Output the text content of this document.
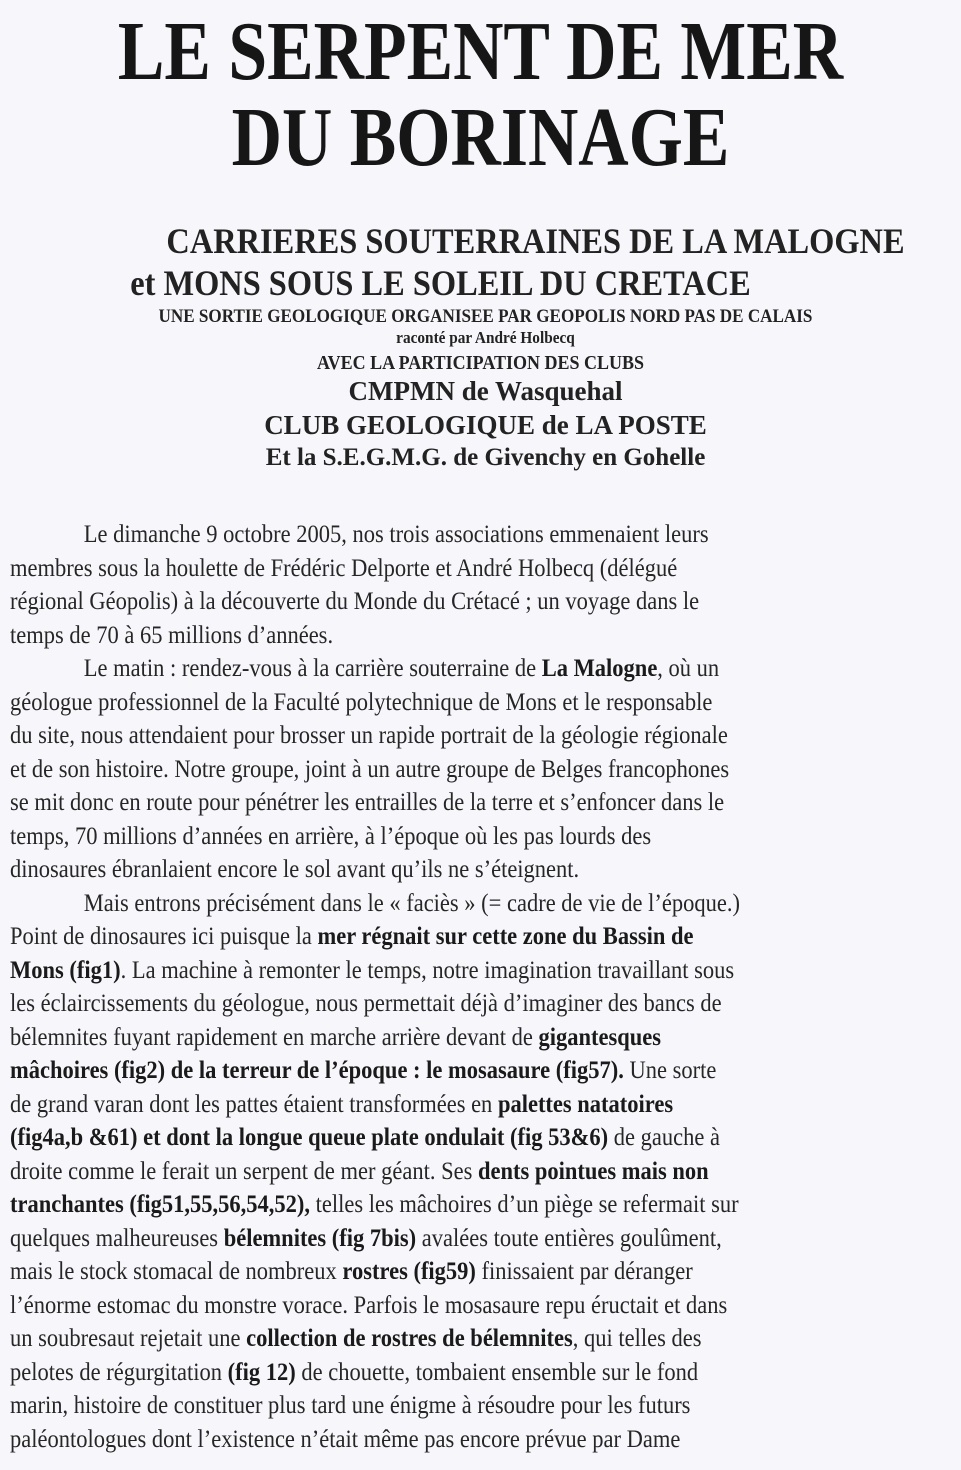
LE SERPENT DE MER
DU BORINAGE
CARRIERES SOUTERRAINES DE LA MALOGNE
et MONS SOUS LE SOLEIL DU CRETACE
UNE SORTIE GEOLOGIQUE ORGANISEE PAR GEOPOLIS NORD PAS DE CALAIS
raconté par André Holbecq
AVEC LA PARTICIPATION DES CLUBS
CMPMN de Wasquehal
CLUB GEOLOGIQUE de LA POSTE
Et la S.E.G.M.G. de Givenchy en Gohelle
Le dimanche 9 octobre 2005, nos trois associations emmenaient leurs
membres sous la houlette de Frédéric Delporte et André Holbecq (délégué
régional Géopolis) à la découverte du Monde du Crétacé ; un voyage dans le
temps de 70 à 65 millions d’années.
Le matin : rendez-vous à la carrière souterraine de La Malogne, où un
géologue professionnel de la Faculté polytechnique de Mons et le responsable
du site, nous attendaient pour brosser un rapide portrait de la géologie régionale
et de son histoire. Notre groupe, joint à un autre groupe de Belges francophones
se mit donc en route pour pénétrer les entrailles de la terre et s’enfoncer dans le
temps, 70 millions d’années en arrière, à l’époque où les pas lourds des
dinosaures ébranlaient encore le sol avant qu’ils ne s’éteignent.
Mais entrons précisément dans le « faciès » (= cadre de vie de l’époque.)
Point de dinosaures ici puisque la mer régnait sur cette zone du Bassin de
Mons (fig1). La machine à remonter le temps, notre imagination travaillant sous
les éclaircissements du géologue, nous permettait déjà d’imaginer des bancs de
bélemnites fuyant rapidement en marche arrière devant de gigantesques
mâchoires (fig2) de la terreur de l’époque : le mosasaure (fig57). Une sorte
de grand varan dont les pattes étaient transformées en palettes natatoires
(fig4a,b &61) et dont la longue queue plate ondulait (fig 53&6) de gauche à
droite comme le ferait un serpent de mer géant. Ses dents pointues mais non
tranchantes (fig51,55,56,54,52), telles les mâchoires d’un piège se refermait sur
quelques malheureuses bélemnites (fig 7bis) avalées toute entières goulûment,
mais le stock stomacal de nombreux rostres (fig59) finissaient par déranger
l’énorme estomac du monstre vorace. Parfois le mosasaure repu éructait et dans
un soubresaut rejetait une collection de rostres de bélemnites, qui telles des
pelotes de régurgitation (fig 12) de chouette, tombaient ensemble sur le fond
marin, histoire de constituer plus tard une énigme à résoudre pour les futurs
paléontologues dont l’existence n’était même pas encore prévue par Dame
